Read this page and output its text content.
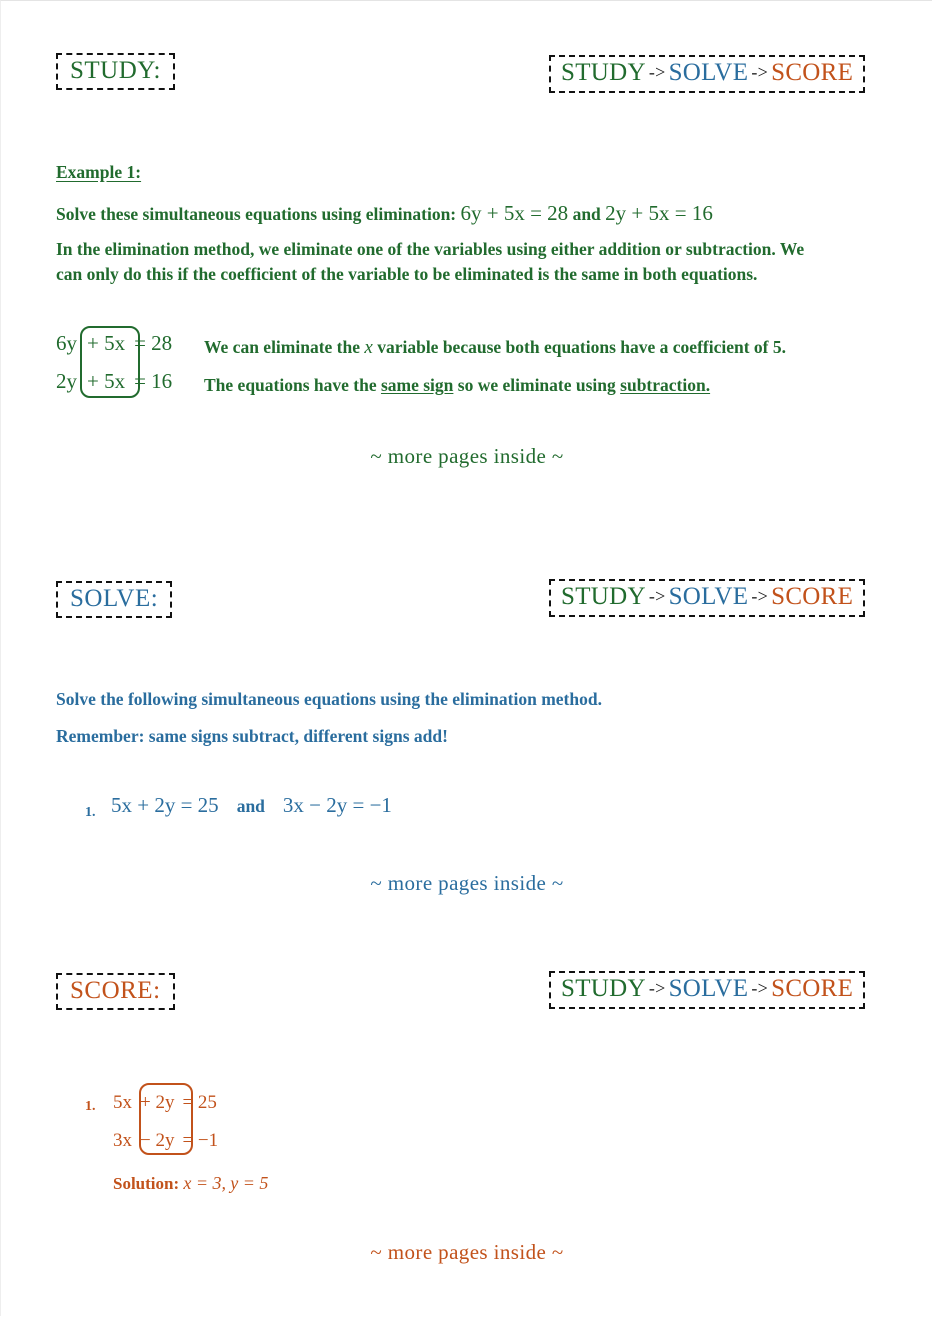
STUDY:	STUDY -> SOLVE -> SCORE
Example 1:
Solve these simultaneous equations using elimination: 6y + 5x = 28 and 2y + 5x = 16
In the elimination method, we eliminate one of the variables using either addition or subtraction. We
can only do this if the coefficient of the variable to be eliminated is the same in both equations.
6y + 5x = 28
2y + 5x = 16
We can eliminate the x variable because both equations have a coefficient of 5.
The equations have the same sign so we eliminate using subtraction.
~ more pages inside ~
SOLVE:	STUDY -> SOLVE -> SCORE
Solve the following simultaneous equations using the elimination method.
Remember: same signs subtract, different signs add!
1. 5x + 2y = 25 and 3x − 2y = −1
~ more pages inside ~
SCORE:	STUDY -> SOLVE -> SCORE
1. 5x + 2y = 25
3x − 2y = −1
Solution: x = 3, y = 5
~ more pages inside ~
